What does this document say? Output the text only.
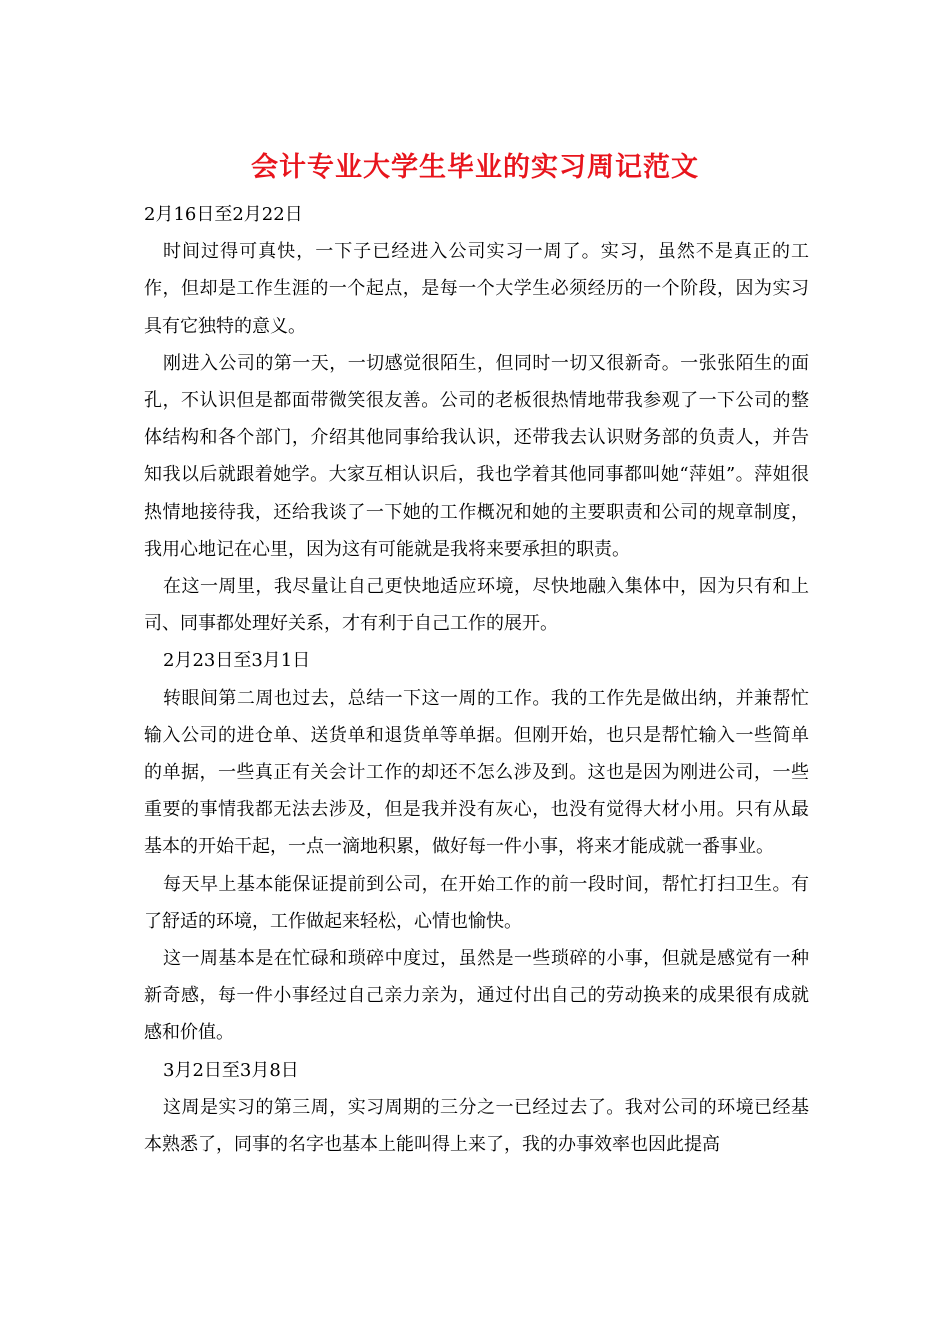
会计专业大学生毕业的实习周记范文

2月16日至2月22日

时间过得可真快，一下子已经进入公司实习一周了。实习，虽然不是真正的工作，但却是工作生涯的一个起点，是每一个大学生必须经历的一个阶段，因为实习具有它独特的意义。

刚进入公司的第一天，一切感觉很陌生，但同时一切又很新奇。一张张陌生的面孔，不认识但是都面带微笑很友善。公司的老板很热情地带我参观了一下公司的整体结构和各个部门，介绍其他同事给我认识，还带我去认识财务部的负责人，并告知我以后就跟着她学。大家互相认识后，我也学着其他同事都叫她“萍姐”。萍姐很热情地接待我，还给我谈了一下她的工作概况和她的主要职责和公司的规章制度，我用心地记在心里，因为这有可能就是我将来要承担的职责。

在这一周里，我尽量让自己更快地适应环境，尽快地融入集体中，因为只有和上司、同事都处理好关系，才有利于自己工作的展开。

2月23日至3月1日

转眼间第二周也过去，总结一下这一周的工作。我的工作先是做出纳，并兼帮忙输入公司的进仓单、送货单和退货单等单据。但刚开始，也只是帮忙输入一些简单的单据，一些真正有关会计工作的却还不怎么涉及到。这也是因为刚进公司，一些重要的事情我都无法去涉及，但是我并没有灰心，也没有觉得大材小用。只有从最基本的开始干起，一点一滴地积累，做好每一件小事，将来才能成就一番事业。

每天早上基本能保证提前到公司，在开始工作的前一段时间，帮忙打扫卫生。有了舒适的环境，工作做起来轻松，心情也愉快。

这一周基本是在忙碌和琐碎中度过，虽然是一些琐碎的小事，但就是感觉有一种新奇感，每一件小事经过自己亲力亲为，通过付出自己的劳动换来的成果很有成就感和价值。

3月2日至3月8日

这周是实习的第三周，实习周期的三分之一已经过去了。我对公司的环境已经基本熟悉了，同事的名字也基本上能叫得上来了，我的办事效率也因此提高
